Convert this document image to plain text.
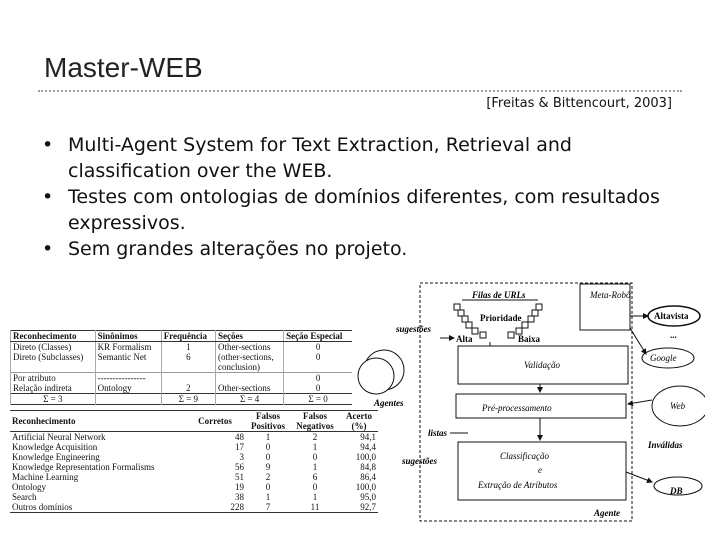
Master-WEB
[Freitas & Bittencourt, 2003]
• Multi-Agent System for Text Extraction, Retrieval and classification over the WEB.
• Testes com ontologias de domínios diferentes, com resultados expressivos.
• Sem grandes alterações no projeto.
Reconhecimento	Sinônimos	Frequência	Seções	Seção Especial
Direto (Classes)	KR Formalism	1	Other-sections	0
Direto (Subclasses)	Semantic Net	6	(other-sections,	0
			conclusion)	
Por atributo	----------------			0
Relação indireta	Ontology	2	Other-sections	0
Σ = 3		Σ = 9	Σ = 4	Σ = 0
Reconhecimento	Corretos	Falsos Positivos	Falsos Negativos	Acerto (%)
Artificial Neural Network	48	1	2	94,1
Knowledge Acquisition	17	0	1	94,4
Knowledge Engineering	3	0	0	100,0
Knowledge Representation Formalisms	56	9	1	84,8
Machine Learning	51	2	6	86,4
Ontology	19	0	0	100,0
Search	38	1	1	95,0
Outros domínios	228	7	11	92,7
Filas de URLs
Prioridade
Alta	Baixa
Meta-Robô
Altavista
...
Google
Web
sugestões
Validação
Agentes	Pré-processamento
listas
sugestões	Classificação
e
Extração de Atributos
Inválidas
DB
Agente
